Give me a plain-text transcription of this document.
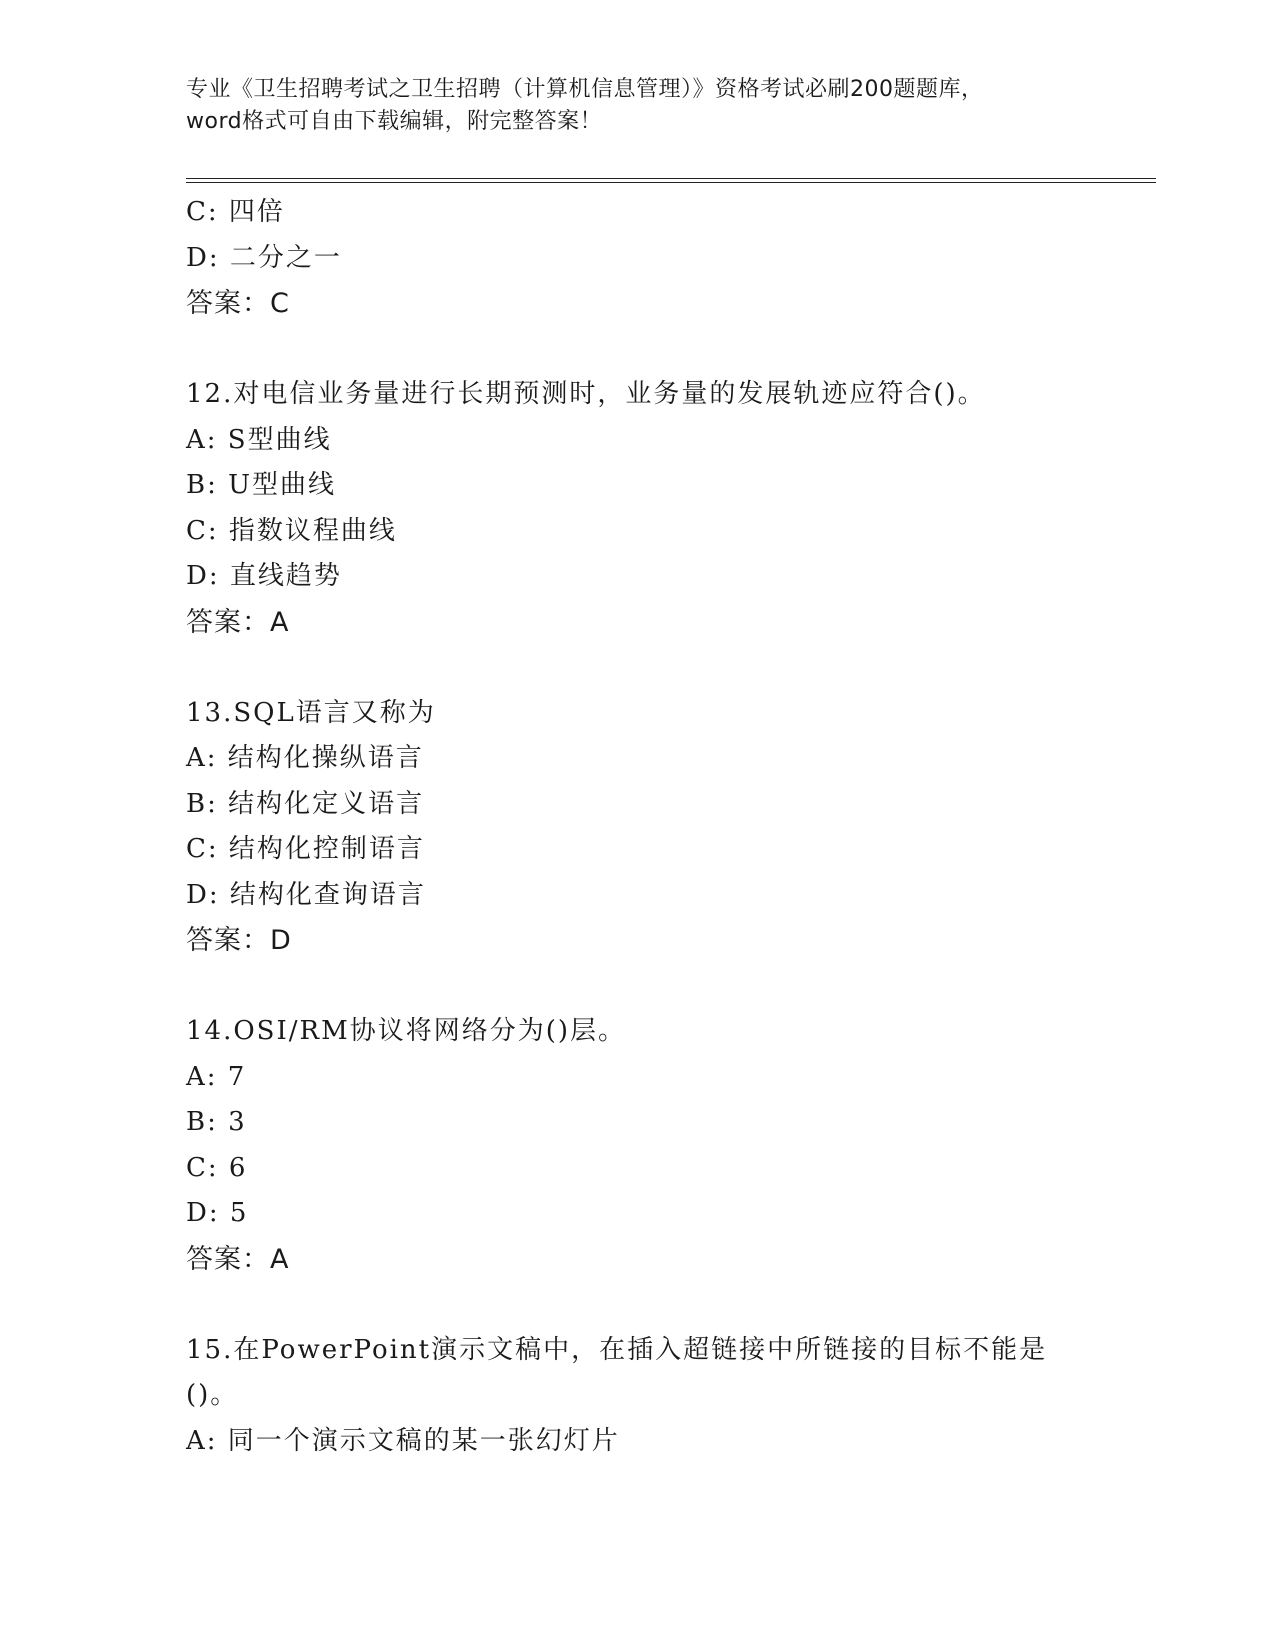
专业《卫生招聘考试之卫生招聘（计算机信息管理）》资格考试必刷200题题库，
word格式可自由下载编辑，附完整答案！
C: 四倍
D: 二分之一
答案：C
12.对电信业务量进行长期预测时，业务量的发展轨迹应符合()。
A: S型曲线
B: U型曲线
C: 指数议程曲线
D: 直线趋势
答案：A
13.SQL语言又称为
A: 结构化操纵语言
B: 结构化定义语言
C: 结构化控制语言
D: 结构化查询语言
答案：D
14.OSI/RM协议将网络分为()层。
A: 7
B: 3
C: 6
D: 5
答案：A
15.在PowerPoint演示文稿中，在插入超链接中所链接的目标不能是
()。
A: 同一个演示文稿的某一张幻灯片
